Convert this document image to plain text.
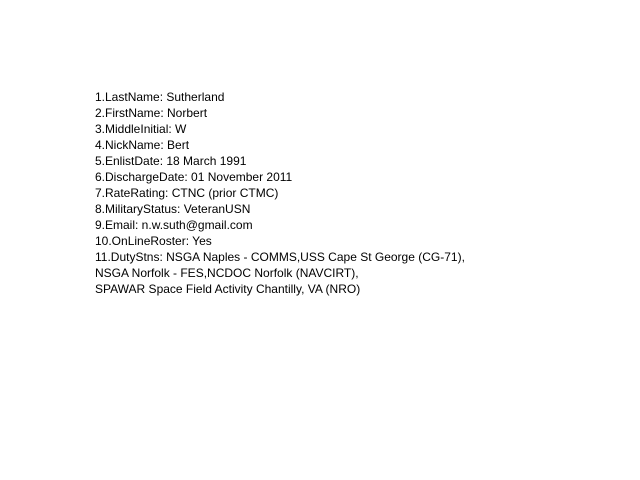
1.LastName: Sutherland
2.FirstName: Norbert
3.MiddleInitial: W
4.NickName: Bert
5.EnlistDate: 18 March 1991
6.DischargeDate: 01 November 2011
7.RateRating: CTNC (prior CTMC)
8.MilitaryStatus: VeteranUSN
9.Email: n.w.suth@gmail.com
10.OnLineRoster: Yes
11.DutyStns: NSGA Naples - COMMS,USS Cape St George (CG-71),
NSGA Norfolk - FES,NCDOC Norfolk (NAVCIRT),
SPAWAR Space Field Activity Chantilly, VA (NRO)
